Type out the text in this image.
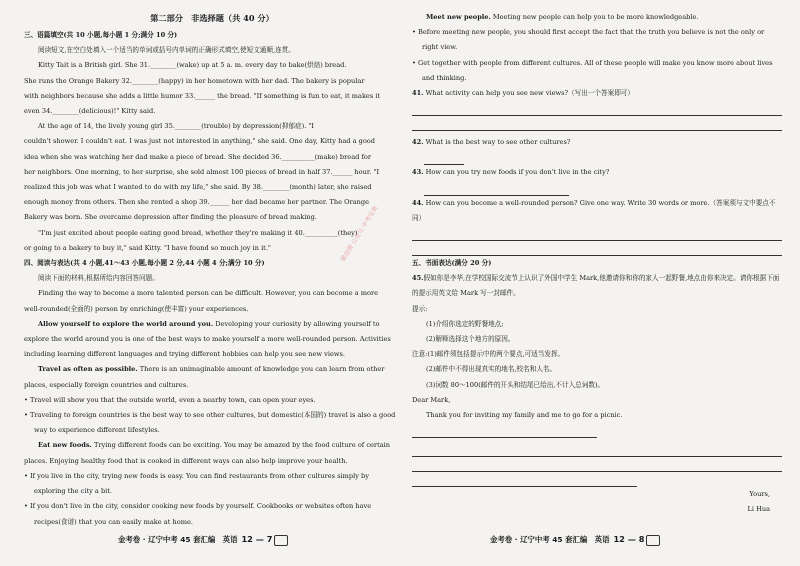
第二部分　非选择题（共 40 分）
三、语篇填空(共 10 小题,每小题 1 分;满分 10 分)
阅读短文,在空白处填入一个适当的单词或括号内单词的正确形式填空,使短文通顺,连贯。
Kitty Tait is a British girl. She 31.________(wake) up at 5 a. m. every day to bake(烘焙) bread.
She runs the Orange Bakery 32.________(happy) in her hometown with her dad. The bakery is popular
with neighbors because she adds a little humor 33.______ the bread. "If something is fun to eat, it makes it
even 34.________(delicious)!" Kitty said.
At the age of 14, the lively young girl 35.________(trouble) by depression(抑郁症). "I
couldn't shower. I couldn't eat. I was just not interested in anything," she said. One day, Kitty had a good
idea when she was watching her dad make a piece of bread. She decided 36.__________(make) bread for
her neighbors. One morning, to her surprise, she sold almost 100 pieces of bread in half 37.______ hour. "I
realized this job was what I wanted to do with my life," she said. By 38.________(month) later, she raised
enough money from others. Then she rented a shop 39.______ her dad became her partner. The Orange
Bakery was born. She overcame depression after finding the pleasure of bread making.
"I'm just excited about people eating good bread, whether they're making it 40.__________(they)
or going to a bakery to buy it," said Kitty. "I have found so much joy in it."
四、阅读与表达(共 4 小题,41～43 小题,每小题 2 分,44 小题 4 分;满分 10 分)
阅读下面的材料,根据所给内容回答问题。
Finding the way to become a more talented person can be difficult. However, you can become a more
well-rounded(全面的) person by enriching(使丰富) your experiences.
Allow yourself to explore the world around you. Developing your curiosity by allowing yourself to
explore the world around you is one of the best ways to make yourself a more well-rounded person. Activities
including learning different languages and trying different hobbies can help you see new views.
Travel as often as possible. There is an unimaginable amount of knowledge you can learn from other
places, especially foreign countries and cultures.
• Travel will show you that the outside world, even a nearby town, can open your eyes.
• Traveling to foreign countries is the best way to see other cultures, but domestic(本国的) travel is also a good way to experience different lifestyles.
Eat new foods. Trying different foods can be exciting. You may be amazed by the food culture of certain
places. Enjoying healthy food that is cooked in different ways can also help improve your health.
• If you live in the city, trying new foods is easy. You can find restaurants from other cultures simply by exploring the city a bit.
• If you don't live in the city, consider cooking new foods by yourself. Cookbooks or websites often have recipes(食谱) that you can easily make at home.
Meet new people. Meeting new people can help you to be more knowledgeable.
• Before meeting new people, you should first accept the fact that the truth you believe is not the only or right view.
• Get together with people from different cultures. All of these people will make you know more about lives and thinking.
41. What activity can help you see new views?（写出一个答案即可）
42. What is the best way to see other cultures?
43. How can you try new foods if you don't live in the city?
44. How can you become a well-rounded person? Give one way. Write 30 words or more.（答案须与文中要点不同）
五、书面表达(满分 20 分)
45.假如你是李华,在学校国际交流节上认识了外国中学生 Mark,他邀请你和你的家人一起野餐,地点由你来决定。请你根据下面的提示用英文给 Mark 写一封邮件。
提示:
(1)介绍你选定的野餐地点;
(2)解释选择这个地方的原因。
注意:(1)邮件须包括提示中的两个要点,可适当发挥。
(2)邮件中不得出现真实的地名,校名和人名。
(3)词数 80～100(邮件的开头和结尾已给出,不计入总词数)。
Dear Mark,
Thank you for inviting my family and me to go for a picnic.
Yours,
Li Hua
微信搜 公众号 中考宝典
金考卷 · 辽宁中考 45 套汇编　英语 12 — 7	金考卷 · 辽宁中考 45 套汇编　英语 12 — 8
